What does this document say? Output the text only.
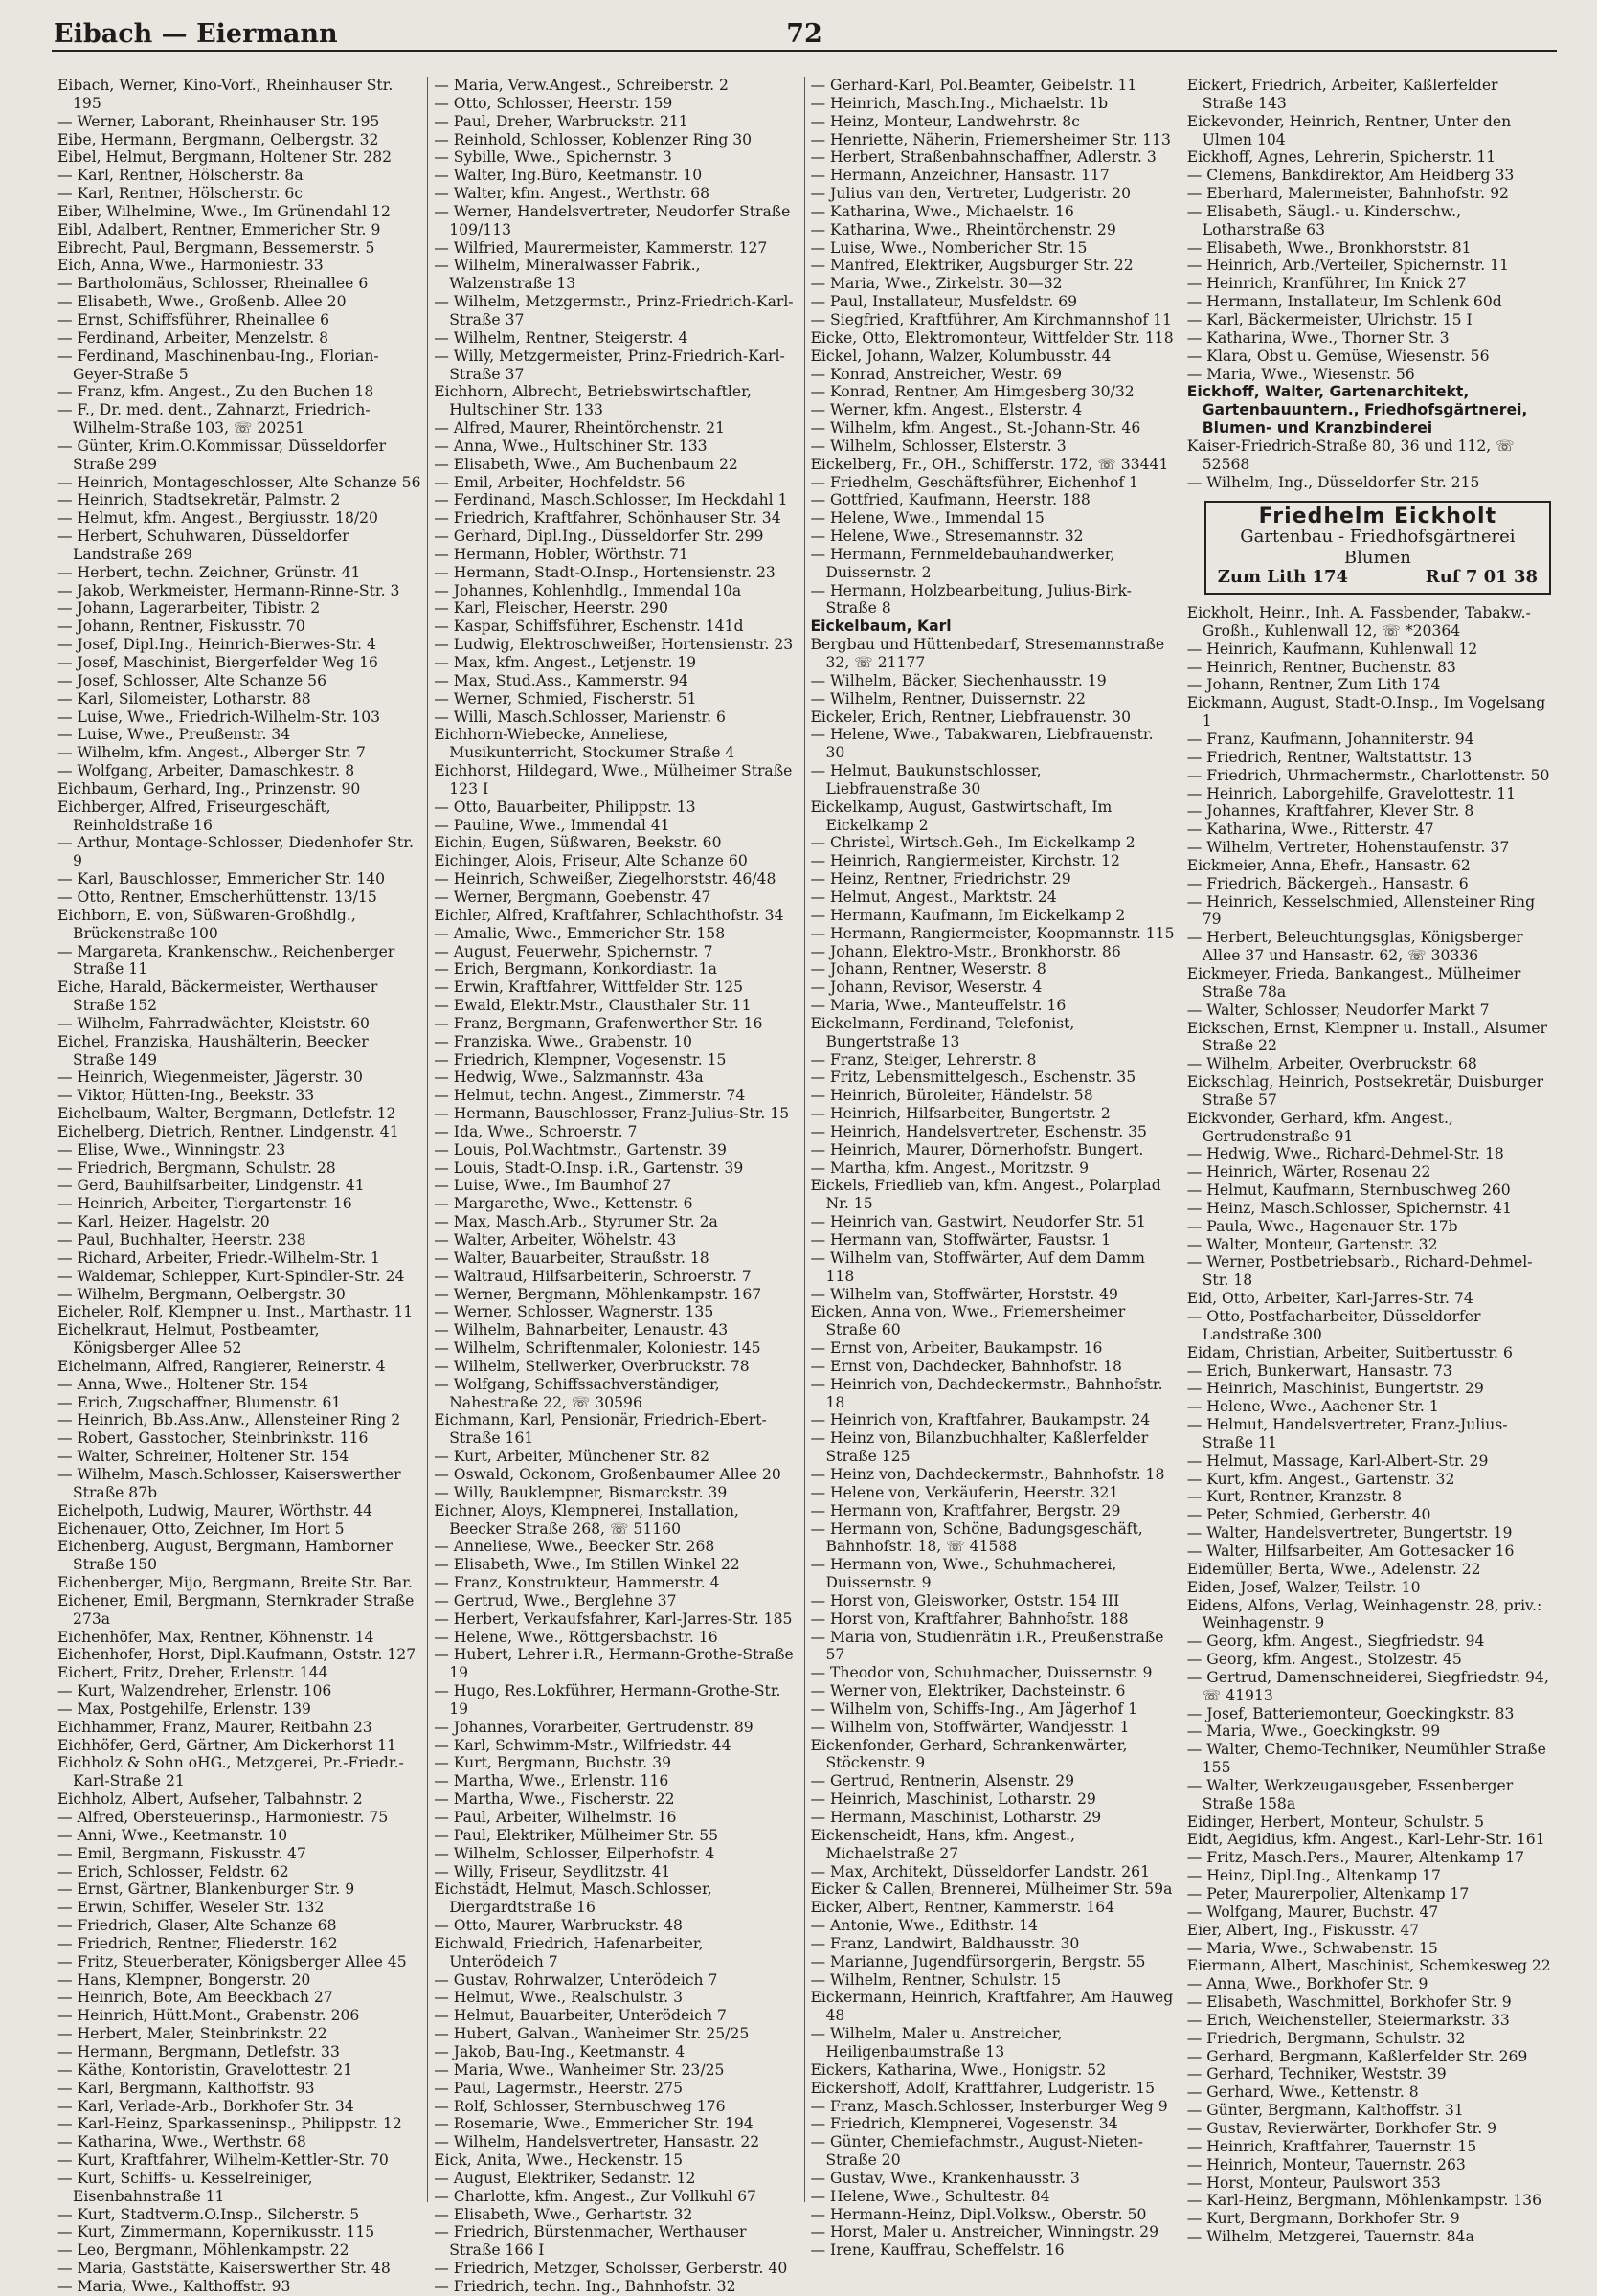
Eibach — Eiermann	72
Eibach, Werner, Kino-Vorf., Rheinhauser Str. 195
— Werner, Laborant, Rheinhauser Str. 195
Eibe, Hermann, Bergmann, Oelbergstr. 32
Eibel, Helmut, Bergmann, Holtener Str. 282
— Karl, Rentner, Hölscherstr. 8a
— Karl, Rentner, Hölscherstr. 6c
Eiber, Wilhelmine, Wwe., Im Grünendahl 12
Eibl, Adalbert, Rentner, Emmericher Str. 9
Eibrecht, Paul, Bergmann, Bessemerstr. 5
Eich, Anna, Wwe., Harmoniestr. 33
— Bartholomäus, Schlosser, Rheinallee 6
— Elisabeth, Wwe., Großenb. Allee 20
— Ernst, Schiffsführer, Rheinallee 6
— Ferdinand, Arbeiter, Menzelstr. 8
— Ferdinand, Maschinenbau-Ing., Florian-Geyer-Straße 5
— Franz, kfm. Angest., Zu den Buchen 18
— F., Dr. med. dent., Zahnarzt, Friedrich-Wilhelm-Straße 103, ☏ 20251
— Günter, Krim.O.Kommissar, Düsseldorfer Straße 299
— Heinrich, Montageschlosser, Alte Schanze 56
— Heinrich, Stadtsekretär, Palmstr. 2
— Helmut, kfm. Angest., Bergiusstr. 18/20
— Herbert, Schuhwaren, Düsseldorfer Landstraße 269
— Herbert, techn. Zeichner, Grünstr. 41
— Jakob, Werkmeister, Hermann-Rinne-Str. 3
— Johann, Lagerarbeiter, Tibistr. 2
— Johann, Rentner, Fiskusstr. 70
— Josef, Dipl.Ing., Heinrich-Bierwes-Str. 4
— Josef, Maschinist, Biergerfelder Weg 16
— Josef, Schlosser, Alte Schanze 56
— Karl, Silomeister, Lotharstr. 88
— Luise, Wwe., Friedrich-Wilhelm-Str. 103
— Luise, Wwe., Preußenstr. 34
— Wilhelm, kfm. Angest., Alberger Str. 7
— Wolfgang, Arbeiter, Damaschkestr. 8
Eichbaum, Gerhard, Ing., Prinzenstr. 90
Eichberger, Alfred, Friseurgeschäft, Reinholdstraße 16
— Arthur, Montage-Schlosser, Diedenhofer Str. 9
— Karl, Bauschlosser, Emmericher Str. 140
— Otto, Rentner, Emscherhüttenstr. 13/15
Eichborn, E. von, Süßwaren-Großhdlg., Brückenstraße 100
— Margareta, Krankenschw., Reichenberger Straße 11
Eiche, Harald, Bäckermeister, Werthauser Straße 152
— Wilhelm, Fahrradwächter, Kleiststr. 60
Eichel, Franziska, Haushälterin, Beecker Straße 149
— Heinrich, Wiegenmeister, Jägerstr. 30
— Viktor, Hütten-Ing., Beekstr. 33
Eichelbaum, Walter, Bergmann, Detlefstr. 12
Eichelberg, Dietrich, Rentner, Lindgenstr. 41
— Elise, Wwe., Winningstr. 23
— Friedrich, Bergmann, Schulstr. 28
— Gerd, Bauhilfsarbeiter, Lindgenstr. 41
— Heinrich, Arbeiter, Tiergartenstr. 16
— Karl, Heizer, Hagelstr. 20
— Paul, Buchhalter, Heerstr. 238
— Richard, Arbeiter, Friedr.-Wilhelm-Str. 1
— Waldemar, Schlepper, Kurt-Spindler-Str. 24
— Wilhelm, Bergmann, Oelbergstr. 30
Eicheler, Rolf, Klempner u. Inst., Marthastr. 11
Eichelkraut, Helmut, Postbeamter, Königsberger Allee 52
Eichelmann, Alfred, Rangierer, Reinerstr. 4
— Anna, Wwe., Holtener Str. 154
— Erich, Zugschaffner, Blumenstr. 61
— Heinrich, Bb.Ass.Anw., Allensteiner Ring 2
— Robert, Gasstocher, Steinbrinkstr. 116
— Walter, Schreiner, Holtener Str. 154
— Wilhelm, Masch.Schlosser, Kaiserswerther Straße 87b
Eichelpoth, Ludwig, Maurer, Wörthstr. 44
Eichenauer, Otto, Zeichner, Im Hort 5
Eichenberg, August, Bergmann, Hamborner Straße 150
Eichenberger, Mijo, Bergmann, Breite Str. Bar.
Eichener, Emil, Bergmann, Sternkrader Straße 273a
Eichenhöfer, Max, Rentner, Köhnenstr. 14
Eichenhofer, Horst, Dipl.Kaufmann, Oststr. 127
Eichert, Fritz, Dreher, Erlenstr. 144
— Kurt, Walzendreher, Erlenstr. 106
— Max, Postgehilfe, Erlenstr. 139
Eichhammer, Franz, Maurer, Reitbahn 23
Eichhöfer, Gerd, Gärtner, Am Dickerhorst 11
Eichholz & Sohn oHG., Metzgerei, Pr.-Friedr.-Karl-Straße 21
Eichholz, Albert, Aufseher, Talbahnstr. 2
— Alfred, Obersteuerinsp., Harmoniestr. 75
— Anni, Wwe., Keetmanstr. 10
— Emil, Bergmann, Fiskusstr. 47
— Erich, Schlosser, Feldstr. 62
— Ernst, Gärtner, Blankenburger Str. 9
— Erwin, Schiffer, Weseler Str. 132
— Friedrich, Glaser, Alte Schanze 68
— Friedrich, Rentner, Fliederstr. 162
— Fritz, Steuerberater, Königsberger Allee 45
— Hans, Klempner, Bongerstr. 20
— Heinrich, Bote, Am Beeckbach 27
— Heinrich, Hütt.Mont., Grabenstr. 206
— Herbert, Maler, Steinbrinkstr. 22
— Hermann, Bergmann, Detlefstr. 33
— Käthe, Kontoristin, Gravelottestr. 21
— Karl, Bergmann, Kalthoffstr. 93
— Karl, Verlade-Arb., Borkhofer Str. 34
— Karl-Heinz, Sparkasseninsp., Philippstr. 12
— Katharina, Wwe., Werthstr. 68
— Kurt, Kraftfahrer, Wilhelm-Kettler-Str. 70
— Kurt, Schiffs- u. Kesselreiniger, Eisenbahnstraße 11
— Kurt, Stadtverm.O.Insp., Silcherstr. 5
— Kurt, Zimmermann, Kopernikusstr. 115
— Leo, Bergmann, Möhlenkampstr. 22
— Maria, Gaststätte, Kaiserswerther Str. 48
— Maria, Wwe., Kalthoffstr. 93
— Maria, Verw.Angest., Schreiberstr. 2
— Otto, Schlosser, Heerstr. 159
— Paul, Dreher, Warbruckstr. 211
— Reinhold, Schlosser, Koblenzer Ring 30
— Sybille, Wwe., Spichernstr. 3
— Walter, Ing.Büro, Keetmanstr. 10
— Walter, kfm. Angest., Werthstr. 68
— Werner, Handelsvertreter, Neudorfer Straße 109/113
— Wilfried, Maurermeister, Kammerstr. 127
— Wilhelm, Mineralwasser Fabrik., Walzenstraße 13
— Wilhelm, Metzgermstr., Prinz-Friedrich-Karl-Straße 37
— Wilhelm, Rentner, Steigerstr. 4
— Willy, Metzgermeister, Prinz-Friedrich-Karl-Straße 37
Eichhorn, Albrecht, Betriebswirtschaftler, Hultschiner Str. 133
— Alfred, Maurer, Rheintörchenstr. 21
— Anna, Wwe., Hultschiner Str. 133
— Elisabeth, Wwe., Am Buchenbaum 22
— Emil, Arbeiter, Hochfeldstr. 56
— Ferdinand, Masch.Schlosser, Im Heckdahl 1
— Friedrich, Kraftfahrer, Schönhauser Str. 34
— Gerhard, Dipl.Ing., Düsseldorfer Str. 299
— Hermann, Hobler, Wörthstr. 71
— Hermann, Stadt-O.Insp., Hortensienstr. 23
— Johannes, Kohlenhdlg., Immendal 10a
— Karl, Fleischer, Heerstr. 290
— Kaspar, Schiffsführer, Eschenstr. 141d
— Ludwig, Elektroschweißer, Hortensienstr. 23
— Max, kfm. Angest., Letjenstr. 19
— Max, Stud.Ass., Kammerstr. 94
— Werner, Schmied, Fischerstr. 51
— Willi, Masch.Schlosser, Marienstr. 6
Eichhorn-Wiebecke, Anneliese, Musikunterricht, Stockumer Straße 4
Eichhorst, Hildegard, Wwe., Mülheimer Straße 123 I
— Otto, Bauarbeiter, Philippstr. 13
— Pauline, Wwe., Immendal 41
Eichin, Eugen, Süßwaren, Beekstr. 60
Eichinger, Alois, Friseur, Alte Schanze 60
— Heinrich, Schweißer, Ziegelhorststr. 46/48
— Werner, Bergmann, Goebenstr. 47
Eichler, Alfred, Kraftfahrer, Schlachthofstr. 34
— Amalie, Wwe., Emmericher Str. 158
— August, Feuerwehr, Spichernstr. 7
— Erich, Bergmann, Konkordiastr. 1a
— Erwin, Kraftfahrer, Wittfelder Str. 125
— Ewald, Elektr.Mstr., Clausthaler Str. 11
— Franz, Bergmann, Grafenwerther Str. 16
— Franziska, Wwe., Grabenstr. 10
— Friedrich, Klempner, Vogesenstr. 15
— Hedwig, Wwe., Salzmannstr. 43a
— Helmut, techn. Angest., Zimmerstr. 74
— Hermann, Bauschlosser, Franz-Julius-Str. 15
— Ida, Wwe., Schroerstr. 7
— Louis, Pol.Wachtmstr., Gartenstr. 39
— Louis, Stadt-O.Insp. i.R., Gartenstr. 39
— Luise, Wwe., Im Baumhof 27
— Margarethe, Wwe., Kettenstr. 6
— Max, Masch.Arb., Styrumer Str. 2a
— Walter, Arbeiter, Wöhelstr. 43
— Walter, Bauarbeiter, Straußstr. 18
— Waltraud, Hilfsarbeiterin, Schroerstr. 7
— Werner, Bergmann, Möhlenkampstr. 167
— Werner, Schlosser, Wagnerstr. 135
— Wilhelm, Bahnarbeiter, Lenaustr. 43
— Wilhelm, Schriftenmaler, Koloniestr. 145
— Wilhelm, Stellwerker, Overbruckstr. 78
— Wolfgang, Schiffssachverständiger, Nahestraße 22, ☏ 30596
Eichmann, Karl, Pensionär, Friedrich-Ebert-Straße 161
— Kurt, Arbeiter, Münchener Str. 82
— Oswald, Ockonom, Großenbaumer Allee 20
— Willy, Bauklempner, Bismarckstr. 39
Eichner, Aloys, Klempnerei, Installation, Beecker Straße 268, ☏ 51160
— Anneliese, Wwe., Beecker Str. 268
— Elisabeth, Wwe., Im Stillen Winkel 22
— Franz, Konstrukteur, Hammerstr. 4
— Gertrud, Wwe., Berglehne 37
— Herbert, Verkaufsfahrer, Karl-Jarres-Str. 185
— Helene, Wwe., Röttgersbachstr. 16
— Hubert, Lehrer i.R., Hermann-Grothe-Straße 19
— Hugo, Res.Lokführer, Hermann-Grothe-Str. 19
— Johannes, Vorarbeiter, Gertrudenstr. 89
— Karl, Schwimm-Mstr., Wilfriedstr. 44
— Kurt, Bergmann, Buchstr. 39
— Martha, Wwe., Erlenstr. 116
— Martha, Wwe., Fischerstr. 22
— Paul, Arbeiter, Wilhelmstr. 16
— Paul, Elektriker, Mülheimer Str. 55
— Wilhelm, Schlosser, Eilperhofstr. 4
— Willy, Friseur, Seydlitzstr. 41
Eichstädt, Helmut, Masch.Schlosser, Diergardtstraße 16
— Otto, Maurer, Warbruckstr. 48
Eichwald, Friedrich, Hafenarbeiter, Unterödeich 7
— Gustav, Rohrwalzer, Unterödeich 7
— Helmut, Wwe., Realschulstr. 3
— Helmut, Bauarbeiter, Unterödeich 7
— Hubert, Galvan., Wanheimer Str. 25/25
— Jakob, Bau-Ing., Keetmanstr. 4
— Maria, Wwe., Wanheimer Str. 23/25
— Paul, Lagermstr., Heerstr. 275
— Rolf, Schlosser, Sternbuschweg 176
— Rosemarie, Wwe., Emmericher Str. 194
— Wilhelm, Handelsvertreter, Hansastr. 22
Eick, Anita, Wwe., Heckenstr. 15
— August, Elektriker, Sedanstr. 12
— Charlotte, kfm. Angest., Zur Vollkuhl 67
— Elisabeth, Wwe., Gerhartstr. 32
— Friedrich, Bürstenmacher, Werthauser Straße 166 I
— Friedrich, Metzger, Scholsser, Gerberstr. 40
— Friedrich, techn. Ing., Bahnhofstr. 32
— Gerhard-Karl, Pol.Beamter, Geibelstr. 11
— Heinrich, Masch.Ing., Michaelstr. 1b
— Heinz, Monteur, Landwehrstr. 8c
— Henriette, Näherin, Friemersheimer Str. 113
— Herbert, Straßenbahnschaffner, Adlerstr. 3
— Hermann, Anzeichner, Hansastr. 117
— Julius van den, Vertreter, Ludgeristr. 20
— Katharina, Wwe., Michaelstr. 16
— Katharina, Wwe., Rheintörchenstr. 29
— Luise, Wwe., Nombericher Str. 15
— Manfred, Elektriker, Augsburger Str. 22
— Maria, Wwe., Zirkelstr. 30—32
— Paul, Installateur, Musfeldstr. 69
— Siegfried, Kraftführer, Am Kirchmannshof 11
Eicke, Otto, Elektromonteur, Wittfelder Str. 118
Eickel, Johann, Walzer, Kolumbusstr. 44
— Konrad, Anstreicher, Westr. 69
— Konrad, Rentner, Am Himgesberg 30/32
— Werner, kfm. Angest., Elsterstr. 4
— Wilhelm, kfm. Angest., St.-Johann-Str. 46
— Wilhelm, Schlosser, Elsterstr. 3
Eickelberg, Fr., OH., Schifferstr. 172, ☏ 33441
— Friedhelm, Geschäftsführer, Eichenhof 1
— Gottfried, Kaufmann, Heerstr. 188
— Helene, Wwe., Immendal 15
— Helene, Wwe., Stresemannstr. 32
— Hermann, Fernmeldebauhandwerker, Duissernstr. 2
— Hermann, Holzbearbeitung, Julius-Birk-Straße 8
Eickelbaum, Karl
Bergbau und Hüttenbedarf, Stresemannstraße 32, ☏ 21177
— Wilhelm, Bäcker, Siechenhausstr. 19
— Wilhelm, Rentner, Duissernstr. 22
Eickeler, Erich, Rentner, Liebfrauenstr. 30
— Helene, Wwe., Tabakwaren, Liebfrauenstr. 30
— Helmut, Baukunstschlosser, Liebfrauenstraße 30
Eickelkamp, August, Gastwirtschaft, Im Eickelkamp 2
— Christel, Wirtsch.Geh., Im Eickelkamp 2
— Heinrich, Rangiermeister, Kirchstr. 12
— Heinz, Rentner, Friedrichstr. 29
— Helmut, Angest., Marktstr. 24
— Hermann, Kaufmann, Im Eickelkamp 2
— Hermann, Rangiermeister, Koopmannstr. 115
— Johann, Elektro-Mstr., Bronkhorstr. 86
— Johann, Rentner, Weserstr. 8
— Johann, Revisor, Weserstr. 4
— Maria, Wwe., Manteuffelstr. 16
Eickelmann, Ferdinand, Telefonist, Bungertstraße 13
— Franz, Steiger, Lehrerstr. 8
— Fritz, Lebensmittelgesch., Eschenstr. 35
— Heinrich, Büroleiter, Händelstr. 58
— Heinrich, Hilfsarbeiter, Bungertstr. 2
— Heinrich, Handelsvertreter, Eschenstr. 35
— Heinrich, Maurer, Dörnerhofstr. Bungert.
— Martha, kfm. Angest., Moritzstr. 9
Eickels, Friedlieb van, kfm. Angest., Polarplad Nr. 15
— Heinrich van, Gastwirt, Neudorfer Str. 51
— Hermann van, Stoffwärter, Faustsr. 1
— Wilhelm van, Stoffwärter, Auf dem Damm 118
— Wilhelm van, Stoffwärter, Horststr. 49
Eicken, Anna von, Wwe., Friemersheimer Straße 60
— Ernst von, Arbeiter, Baukampstr. 16
— Ernst von, Dachdecker, Bahnhofstr. 18
— Heinrich von, Dachdeckermstr., Bahnhofstr. 18
— Heinrich von, Kraftfahrer, Baukampstr. 24
— Heinz von, Bilanzbuchhalter, Kaßlerfelder Straße 125
— Heinz von, Dachdeckermstr., Bahnhofstr. 18
— Helene von, Verkäuferin, Heerstr. 321
— Hermann von, Kraftfahrer, Bergstr. 29
— Hermann von, Schöne, Badungsgeschäft, Bahnhofstr. 18, ☏ 41588
— Hermann von, Wwe., Schuhmacherei, Duissernstr. 9
— Horst von, Gleisworker, Oststr. 154 III
— Horst von, Kraftfahrer, Bahnhofstr. 188
— Maria von, Studienrätin i.R., Preußenstraße 57
— Theodor von, Schuhmacher, Duissernstr. 9
— Werner von, Elektriker, Dachsteinstr. 6
— Wilhelm von, Schiffs-Ing., Am Jägerhof 1
— Wilhelm von, Stoffwärter, Wandjesstr. 1
Eickenfonder, Gerhard, Schrankenwärter, Stöckenstr. 9
— Gertrud, Rentnerin, Alsenstr. 29
— Heinrich, Maschinist, Lotharstr. 29
— Hermann, Maschinist, Lotharstr. 29
Eickenscheidt, Hans, kfm. Angest., Michaelstraße 27
— Max, Architekt, Düsseldorfer Landstr. 261
Eicker & Callen, Brennerei, Mülheimer Str. 59a
Eicker, Albert, Rentner, Kammerstr. 164
— Antonie, Wwe., Edithstr. 14
— Franz, Landwirt, Baldhausstr. 30
— Marianne, Jugendfürsorgerin, Bergstr. 55
— Wilhelm, Rentner, Schulstr. 15
Eickermann, Heinrich, Kraftfahrer, Am Hauweg 48
— Wilhelm, Maler u. Anstreicher, Heiligenbaumstraße 13
Eickers, Katharina, Wwe., Honigstr. 52
Eickershoff, Adolf, Kraftfahrer, Ludgeristr. 15
— Franz, Masch.Schlosser, Insterburger Weg 9
— Friedrich, Klempnerei, Vogesenstr. 34
— Günter, Chemiefachmstr., August-Nieten-Straße 20
— Gustav, Wwe., Krankenhausstr. 3
— Helene, Wwe., Schultestr. 84
— Hermann-Heinz, Dipl.Volksw., Oberstr. 50
— Horst, Maler u. Anstreicher, Winningstr. 29
— Irene, Kauffrau, Scheffelstr. 16
Eickert, Friedrich, Arbeiter, Kaßlerfelder Straße 143
Eickevonder, Heinrich, Rentner, Unter den Ulmen 104
Eickhoff, Agnes, Lehrerin, Spicherstr. 11
— Clemens, Bankdirektor, Am Heidberg 33
— Eberhard, Malermeister, Bahnhofstr. 92
— Elisabeth, Säugl.- u. Kinderschw., Lotharstraße 63
— Elisabeth, Wwe., Bronkhorststr. 81
— Heinrich, Arb./Verteiler, Spichernstr. 11
— Heinrich, Kranführer, Im Knick 27
— Hermann, Installateur, Im Schlenk 60d
— Karl, Bäckermeister, Ulrichstr. 15 I
— Katharina, Wwe., Thorner Str. 3
— Klara, Obst u. Gemüse, Wiesenstr. 56
— Maria, Wwe., Wiesenstr. 56
Eickhoff, Walter, Gartenarchitekt, Gartenbauuntern., Friedhofsgärtnerei, Blumen- und Kranzbinderei
Kaiser-Friedrich-Straße 80, 36 und 112, ☏ 52568
— Wilhelm, Ing., Düsseldorfer Str. 215
Friedhelm Eickholt
Gartenbau - Friedhofsgärtnerei
Blumen
Zum Lith 174	Ruf 7 01 38
Eickholt, Heinr., Inh. A. Fassbender, Tabakw.-Großh., Kuhlenwall 12, ☏ *20364
— Heinrich, Kaufmann, Kuhlenwall 12
— Heinrich, Rentner, Buchenstr. 83
— Johann, Rentner, Zum Lith 174
Eickmann, August, Stadt-O.Insp., Im Vogelsang 1
— Franz, Kaufmann, Johanniterstr. 94
— Friedrich, Rentner, Waltstattstr. 13
— Friedrich, Uhrmachermstr., Charlottenstr. 50
— Heinrich, Laborgehilfe, Gravelottestr. 11
— Johannes, Kraftfahrer, Klever Str. 8
— Katharina, Wwe., Ritterstr. 47
— Wilhelm, Vertreter, Hohenstaufenstr. 37
Eickmeier, Anna, Ehefr., Hansastr. 62
— Friedrich, Bäckergeh., Hansastr. 6
— Heinrich, Kesselschmied, Allensteiner Ring 79
— Herbert, Beleuchtungsglas, Königsberger Allee 37 und Hansastr. 62, ☏ 30336
Eickmeyer, Frieda, Bankangest., Mülheimer Straße 78a
— Walter, Schlosser, Neudorfer Markt 7
Eickschen, Ernst, Klempner u. Install., Alsumer Straße 22
— Wilhelm, Arbeiter, Overbruckstr. 68
Eickschlag, Heinrich, Postsekretär, Duisburger Straße 57
Eickvonder, Gerhard, kfm. Angest., Gertrudenstraße 91
— Hedwig, Wwe., Richard-Dehmel-Str. 18
— Heinrich, Wärter, Rosenau 22
— Helmut, Kaufmann, Sternbuschweg 260
— Heinz, Masch.Schlosser, Spichernstr. 41
— Paula, Wwe., Hagenauer Str. 17b
— Walter, Monteur, Gartenstr. 32
— Werner, Postbetriebsarb., Richard-Dehmel-Str. 18
Eid, Otto, Arbeiter, Karl-Jarres-Str. 74
— Otto, Postfacharbeiter, Düsseldorfer Landstraße 300
Eidam, Christian, Arbeiter, Suitbertusstr. 6
— Erich, Bunkerwart, Hansastr. 73
— Heinrich, Maschinist, Bungertstr. 29
— Helene, Wwe., Aachener Str. 1
— Helmut, Handelsvertreter, Franz-Julius-Straße 11
— Helmut, Massage, Karl-Albert-Str. 29
— Kurt, kfm. Angest., Gartenstr. 32
— Kurt, Rentner, Kranzstr. 8
— Peter, Schmied, Gerberstr. 40
— Walter, Handelsvertreter, Bungertstr. 19
— Walter, Hilfsarbeiter, Am Gottesacker 16
Eidemüller, Berta, Wwe., Adelenstr. 22
Eiden, Josef, Walzer, Teilstr. 10
Eidens, Alfons, Verlag, Weinhagenstr. 28, priv.: Weinhagenstr. 9
— Georg, kfm. Angest., Siegfriedstr. 94
— Georg, kfm. Angest., Stolzestr. 45
— Gertrud, Damenschneiderei, Siegfriedstr. 94, ☏ 41913
— Josef, Batteriemonteur, Goeckingkstr. 83
— Maria, Wwe., Goeckingkstr. 99
— Walter, Chemo-Techniker, Neumühler Straße 155
— Walter, Werkzeugausgeber, Essenberger Straße 158a
Eidinger, Herbert, Monteur, Schulstr. 5
Eidt, Aegidius, kfm. Angest., Karl-Lehr-Str. 161
— Fritz, Masch.Pers., Maurer, Altenkamp 17
— Heinz, Dipl.Ing., Altenkamp 17
— Peter, Maurerpolier, Altenkamp 17
— Wolfgang, Maurer, Buchstr. 47
Eier, Albert, Ing., Fiskusstr. 47
— Maria, Wwe., Schwabenstr. 15
Eiermann, Albert, Maschinist, Schemkesweg 22
— Anna, Wwe., Borkhofer Str. 9
— Elisabeth, Waschmittel, Borkhofer Str. 9
— Erich, Weichensteller, Steiermarkstr. 33
— Friedrich, Bergmann, Schulstr. 32
— Gerhard, Bergmann, Kaßlerfelder Str. 269
— Gerhard, Techniker, Weststr. 39
— Gerhard, Wwe., Kettenstr. 8
— Günter, Bergmann, Kalthoffstr. 31
— Gustav, Revierwärter, Borkhofer Str. 9
— Heinrich, Kraftfahrer, Tauernstr. 15
— Heinrich, Monteur, Tauernstr. 263
— Horst, Monteur, Paulswort 353
— Karl-Heinz, Bergmann, Möhlenkampstr. 136
— Kurt, Bergmann, Borkhofer Str. 9
— Wilhelm, Metzgerei, Tauernstr. 84a
